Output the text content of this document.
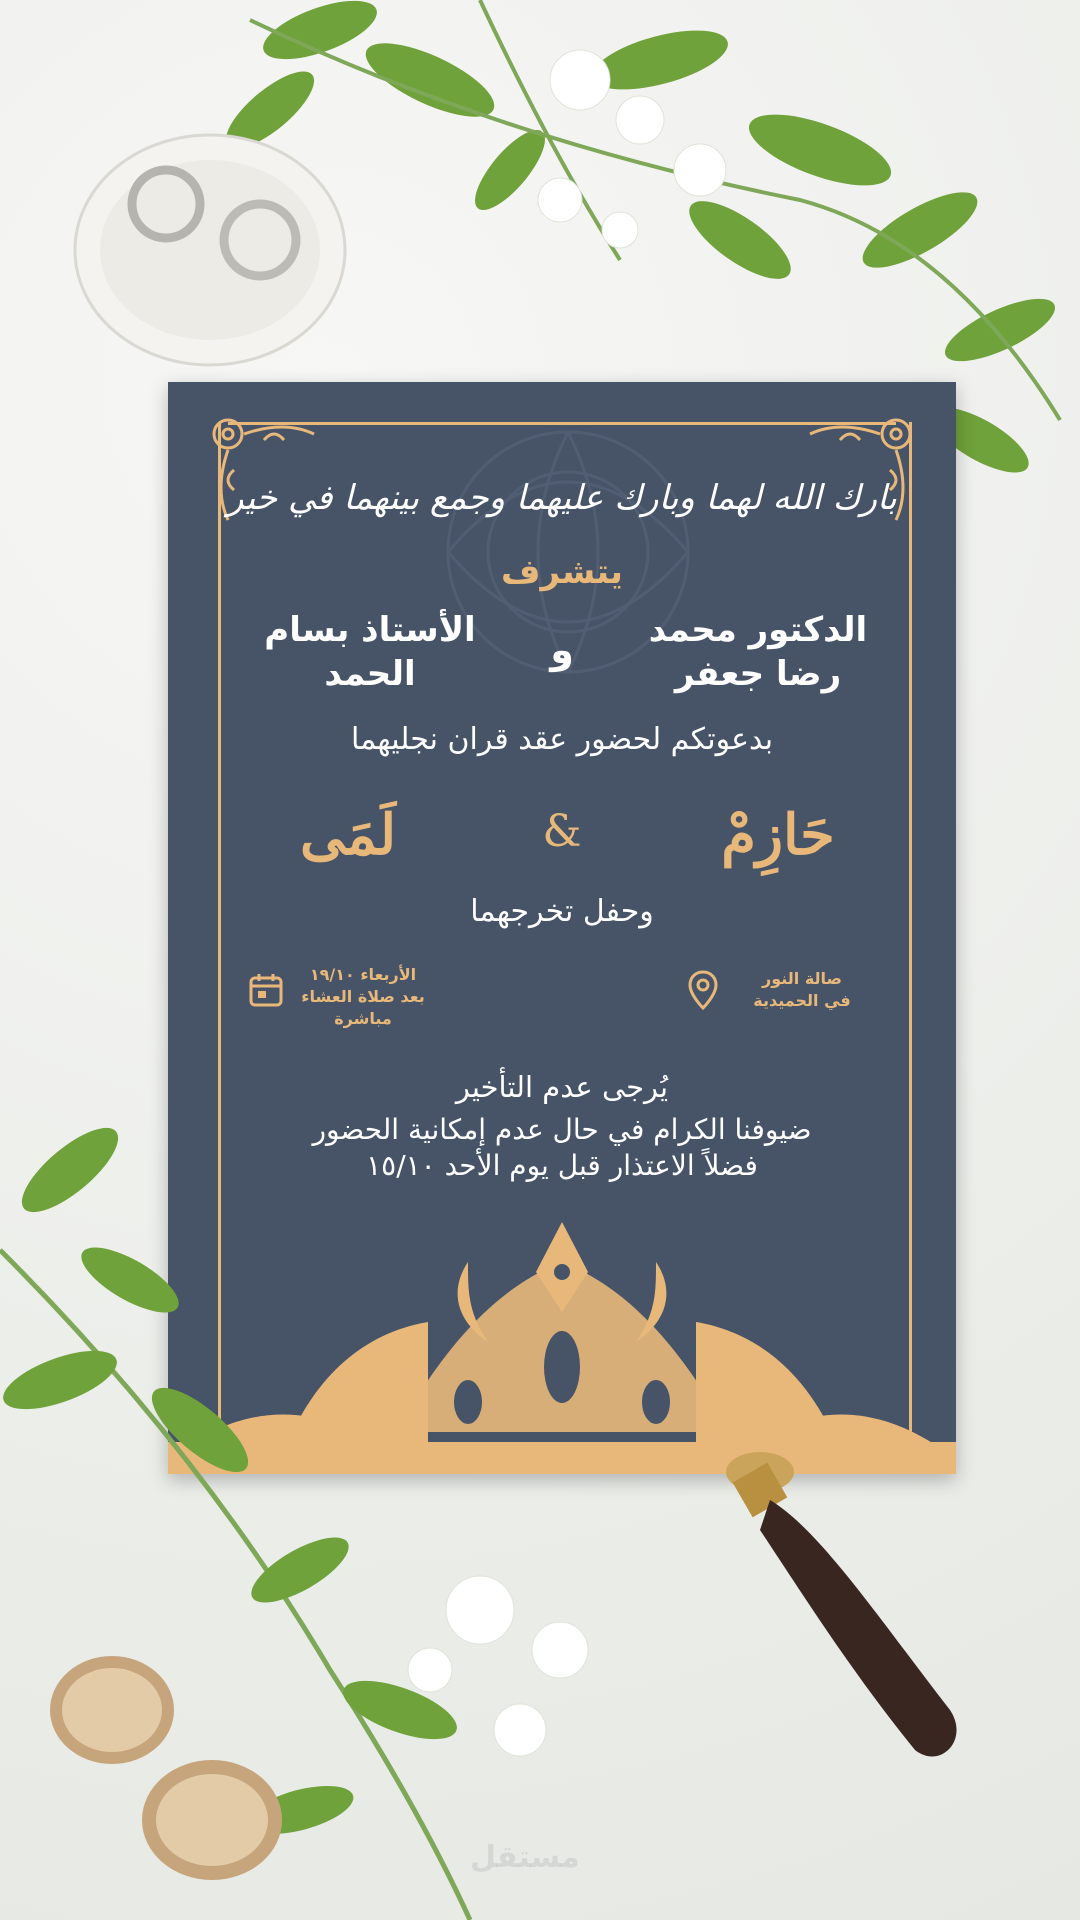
بارك الله لهما وبارك عليهما وجمع بينهما في خير
يتشرف
الدكتور محمد رضا جعفر
و
الأستاذ بسام الحمد
بدعوتكم لحضور عقد قران نجليهما
حَازِمْ
&
لَمَى
وحفل تخرجهما
صالة النور
في الحميدية
الأربعاء ١٩/١٠
بعد صلاة العشاء
مباشرة
يُرجى عدم التأخير
ضيوفنا الكرام في حال عدم إمكانية الحضور
فضلاً الاعتذار قبل يوم الأحد ١٥/١٠
مستقل
